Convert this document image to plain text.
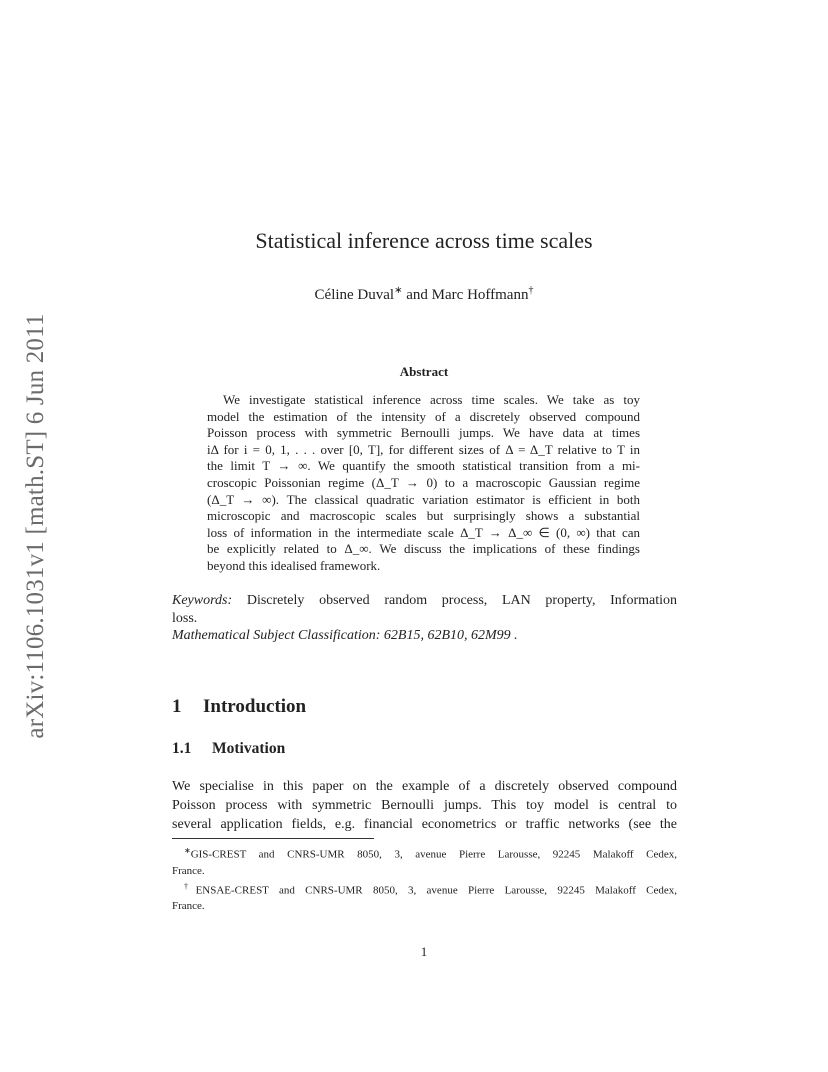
arXiv:1106.1031v1 [math.ST] 6 Jun 2011
Statistical inference across time scales
Céline Duval∗ and Marc Hoffmann†
Abstract
We investigate statistical inference across time scales. We take as toy
model the estimation of the intensity of a discretely observed compound
Poisson process with symmetric Bernoulli jumps. We have data at times
iΔ for i = 0, 1, . . . over [0, T], for different sizes of Δ = Δ_T relative to T in
the limit T → ∞. We quantify the smooth statistical transition from a mi-
croscopic Poissonian regime (Δ_T → 0) to a macroscopic Gaussian regime
(Δ_T → ∞). The classical quadratic variation estimator is efficient in both
microscopic and macroscopic scales but surprisingly shows a substantial
loss of information in the intermediate scale Δ_T → Δ_∞ ∈ (0, ∞) that can
be explicitly related to Δ_∞. We discuss the implications of these findings
beyond this idealised framework.
Keywords: Discretely observed random process, LAN property, Information
loss.
Mathematical Subject Classification: 62B15, 62B10, 62M99 .
1 Introduction
1.1 Motivation
We specialise in this paper on the example of a discretely observed compound
Poisson process with symmetric Bernoulli jumps. This toy model is central to
several application fields, e.g. financial econometrics or traffic networks (see the
∗GIS-CREST and CNRS-UMR 8050, 3, avenue Pierre Larousse, 92245 Malakoff Cedex,
France.
†ENSAE-CREST and CNRS-UMR 8050, 3, avenue Pierre Larousse, 92245 Malakoff Cedex,
France.
1
